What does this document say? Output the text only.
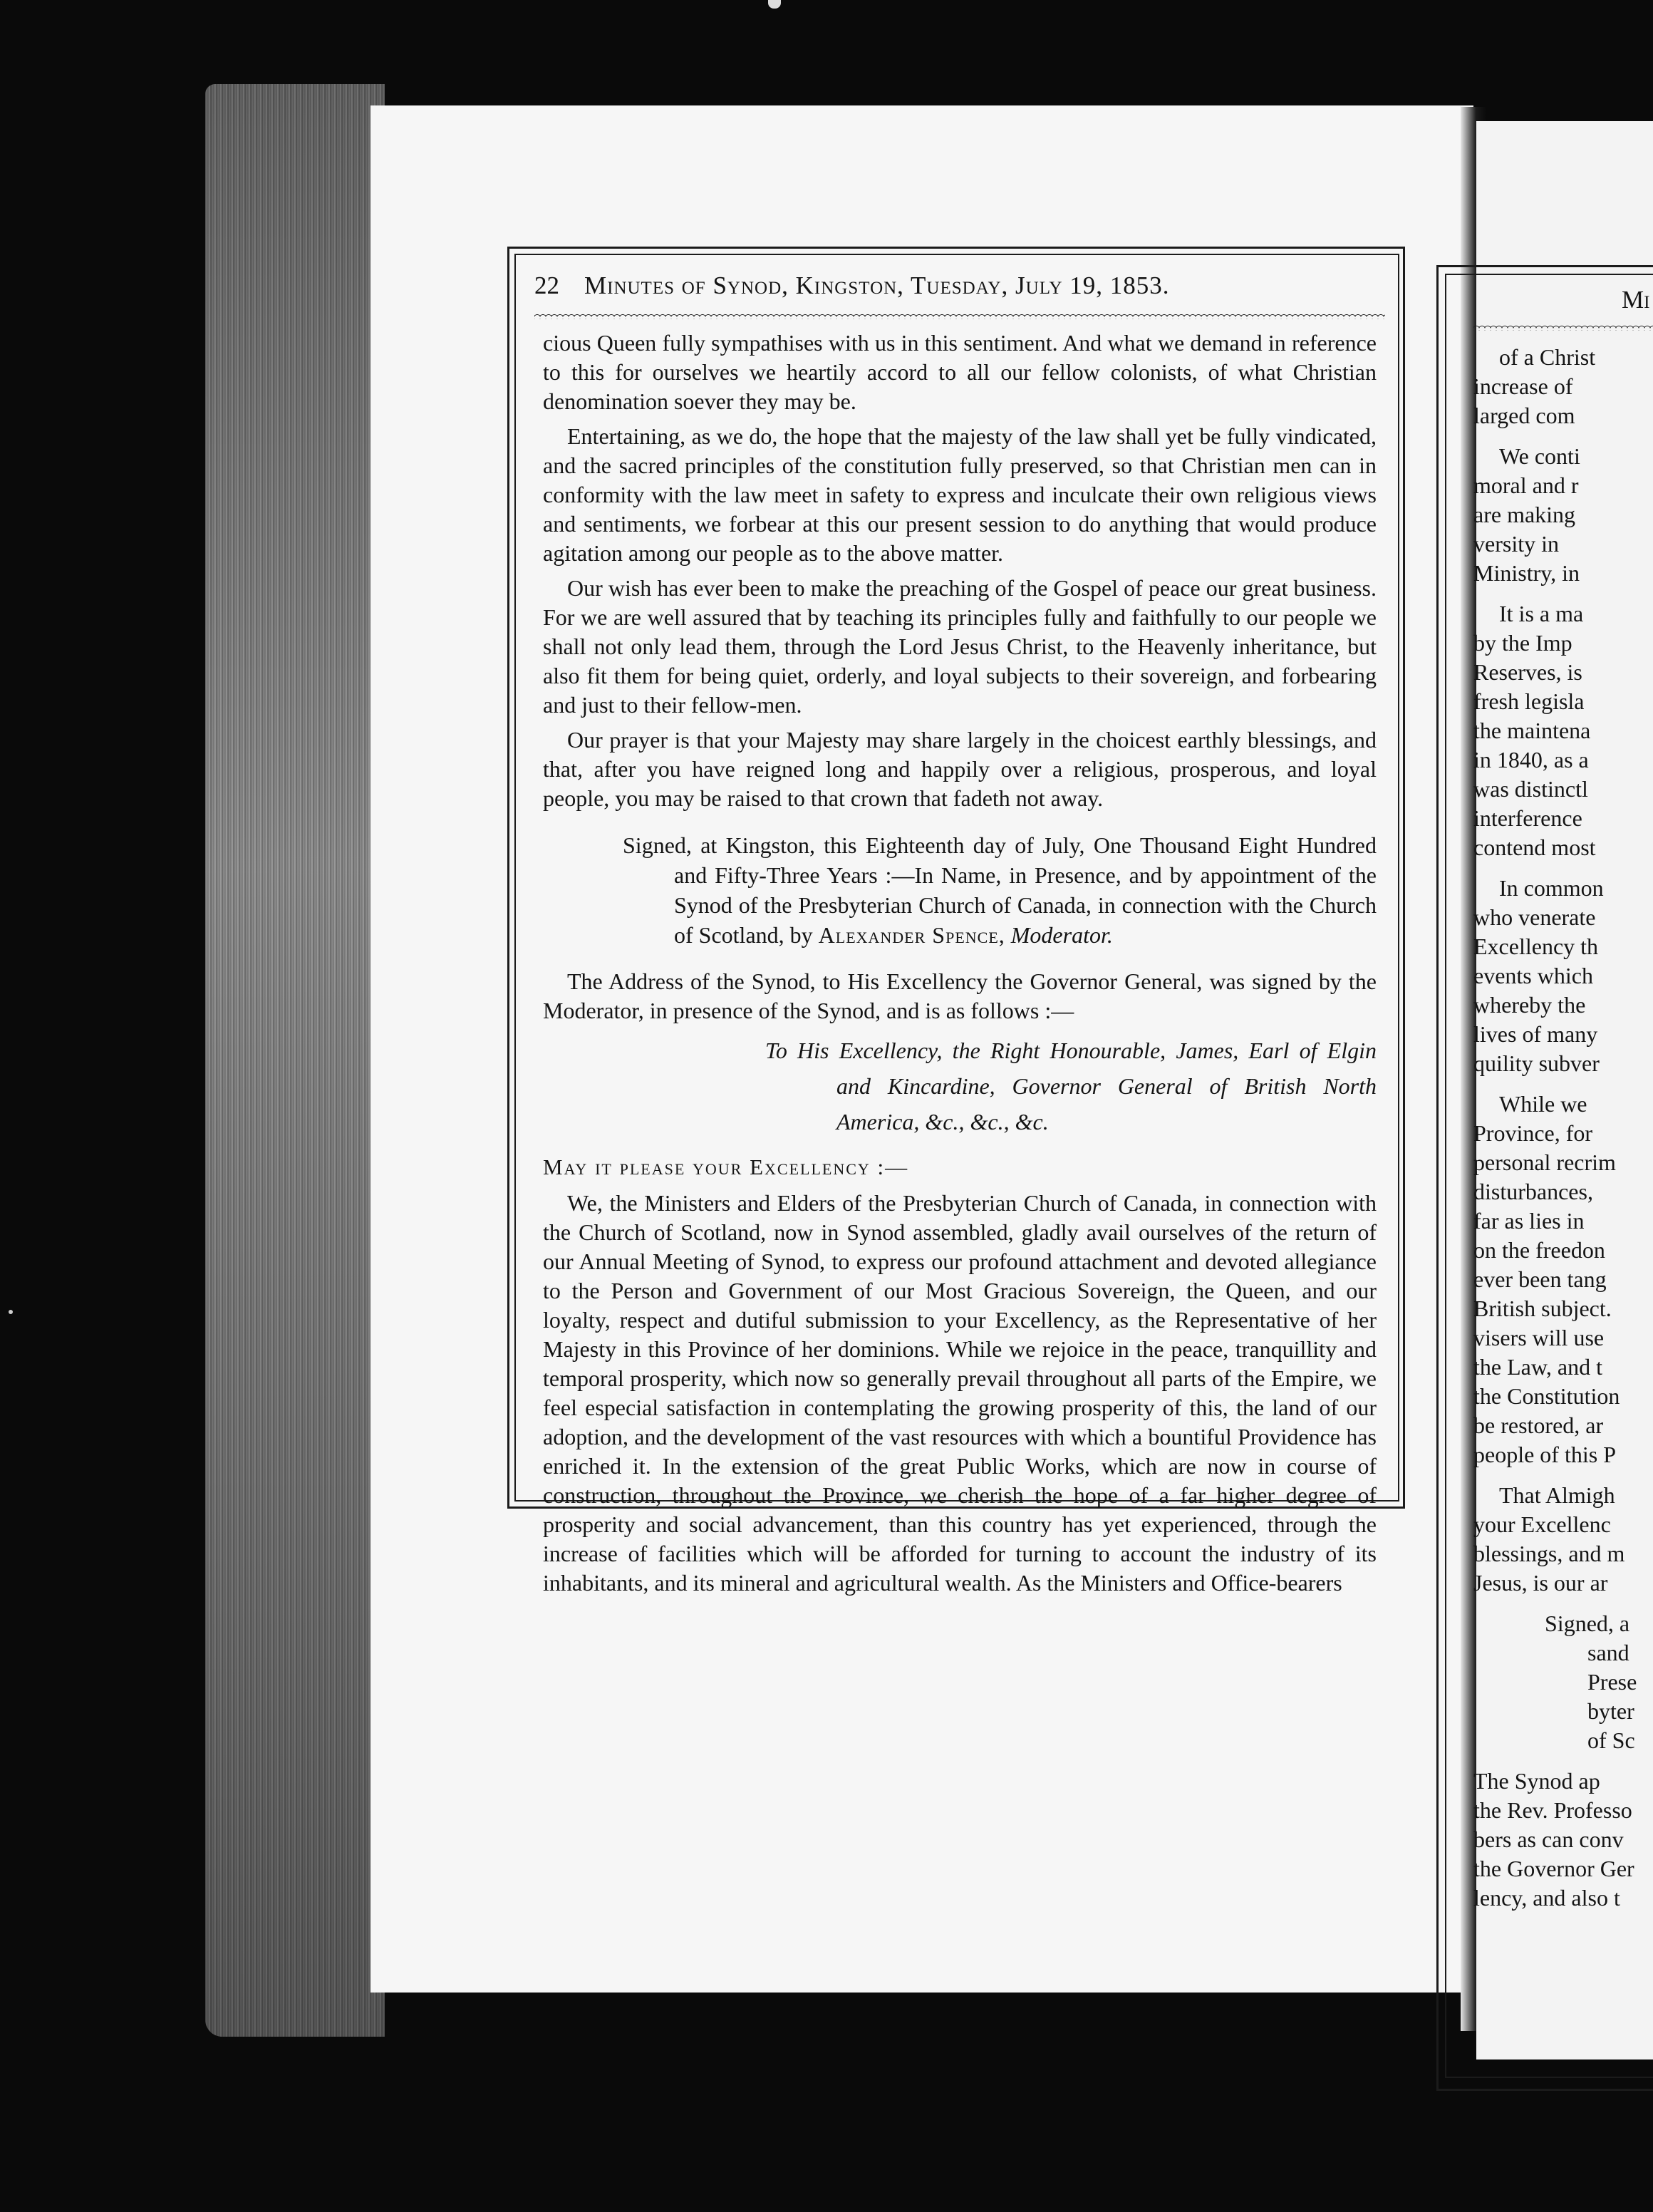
22	Minutes of Synod, Kingston, Tuesday, July 19, 1853.

cious Queen fully sympathises with us in this sentiment. And what we demand in reference to this for ourselves we heartily accord to all our fellow colonists, of what Christian denomination soever they may be.

Entertaining, as we do, the hope that the majesty of the law shall yet be fully vindicated, and the sacred principles of the constitution fully preserved, so that Christian men can in conformity with the law meet in safety to express and inculcate their own religious views and sentiments, we forbear at this our present session to do anything that would produce agitation among our people as to the above matter.

Our wish has ever been to make the preaching of the Gospel of peace our great business. For we are well assured that by teaching its principles fully and faithfully to our people we shall not only lead them, through the Lord Jesus Christ, to the Heavenly inheritance, but also fit them for being quiet, orderly, and loyal subjects to their sovereign, and forbearing and just to their fellow-men.

Our prayer is that your Majesty may share largely in the choicest earthly blessings, and that, after you have reigned long and happily over a religious, prosperous, and loyal people, you may be raised to that crown that fadeth not away.

Signed, at Kingston, this Eighteenth day of July, One Thousand Eight Hundred and Fifty-Three Years :—In Name, in Presence, and by appointment of the Synod of the Presbyterian Church of Canada, in connection with the Church of Scotland, by Alexander Spence, Moderator.

The Address of the Synod, to His Excellency the Governor General, was signed by the Moderator, in presence of the Synod, and is as follows :—

To His Excellency, the Right Honourable, James, Earl of Elgin and Kincardine, Governor General of British North America, &c., &c., &c.

May it please your Excellency :—

We, the Ministers and Elders of the Presbyterian Church of Canada, in connection with the Church of Scotland, now in Synod assembled, gladly avail ourselves of the return of our Annual Meeting of Synod, to express our profound attachment and devoted allegiance to the Person and Government of our Most Gracious Sovereign, the Queen, and our loyalty, respect and dutiful submission to your Excellency, as the Representative of her Majesty in this Province of her dominions. While we rejoice in the peace, tranquillity and temporal prosperity, which now so generally prevail throughout all parts of the Empire, we feel especial satisfaction in contemplating the growing prosperity of this, the land of our adoption, and the development of the vast resources with which a bountiful Providence has enriched it. In the extension of the great Public Works, which are now in course of construction, throughout the Province, we cherish the hope of a far higher degree of prosperity and social advancement, than this country has yet experienced, through the increase of facilities which will be afforded for turning to account the industry of its inhabitants, and its mineral and agricultural wealth. As the Ministers and Office-bearers

Mi
of a Christ
increase of
larged com
We conti
moral and r
are making
versity in
Ministry, in
It is a ma
by the Imp
Reserves, is
fresh legisla
the maintena
in 1840, as a
was distinctl
interference
contend most
In common
who venerate
Excellency th
events which
whereby the
lives of many
quility subver
While we
Province, for
personal recrim
disturbances,
far as lies in
on the freedon
ever been tang
British subject.
visers will use
the Law, and t
the Constitution
be restored, ar
people of this P
That Almigh
your Excellenc
blessings, and m
Jesus, is our ar
Signed, a
sand
Prese
byter
of Sc
The Synod ap
the Rev. Professo
bers as can conv
the Governor Ger
lency, and also t
